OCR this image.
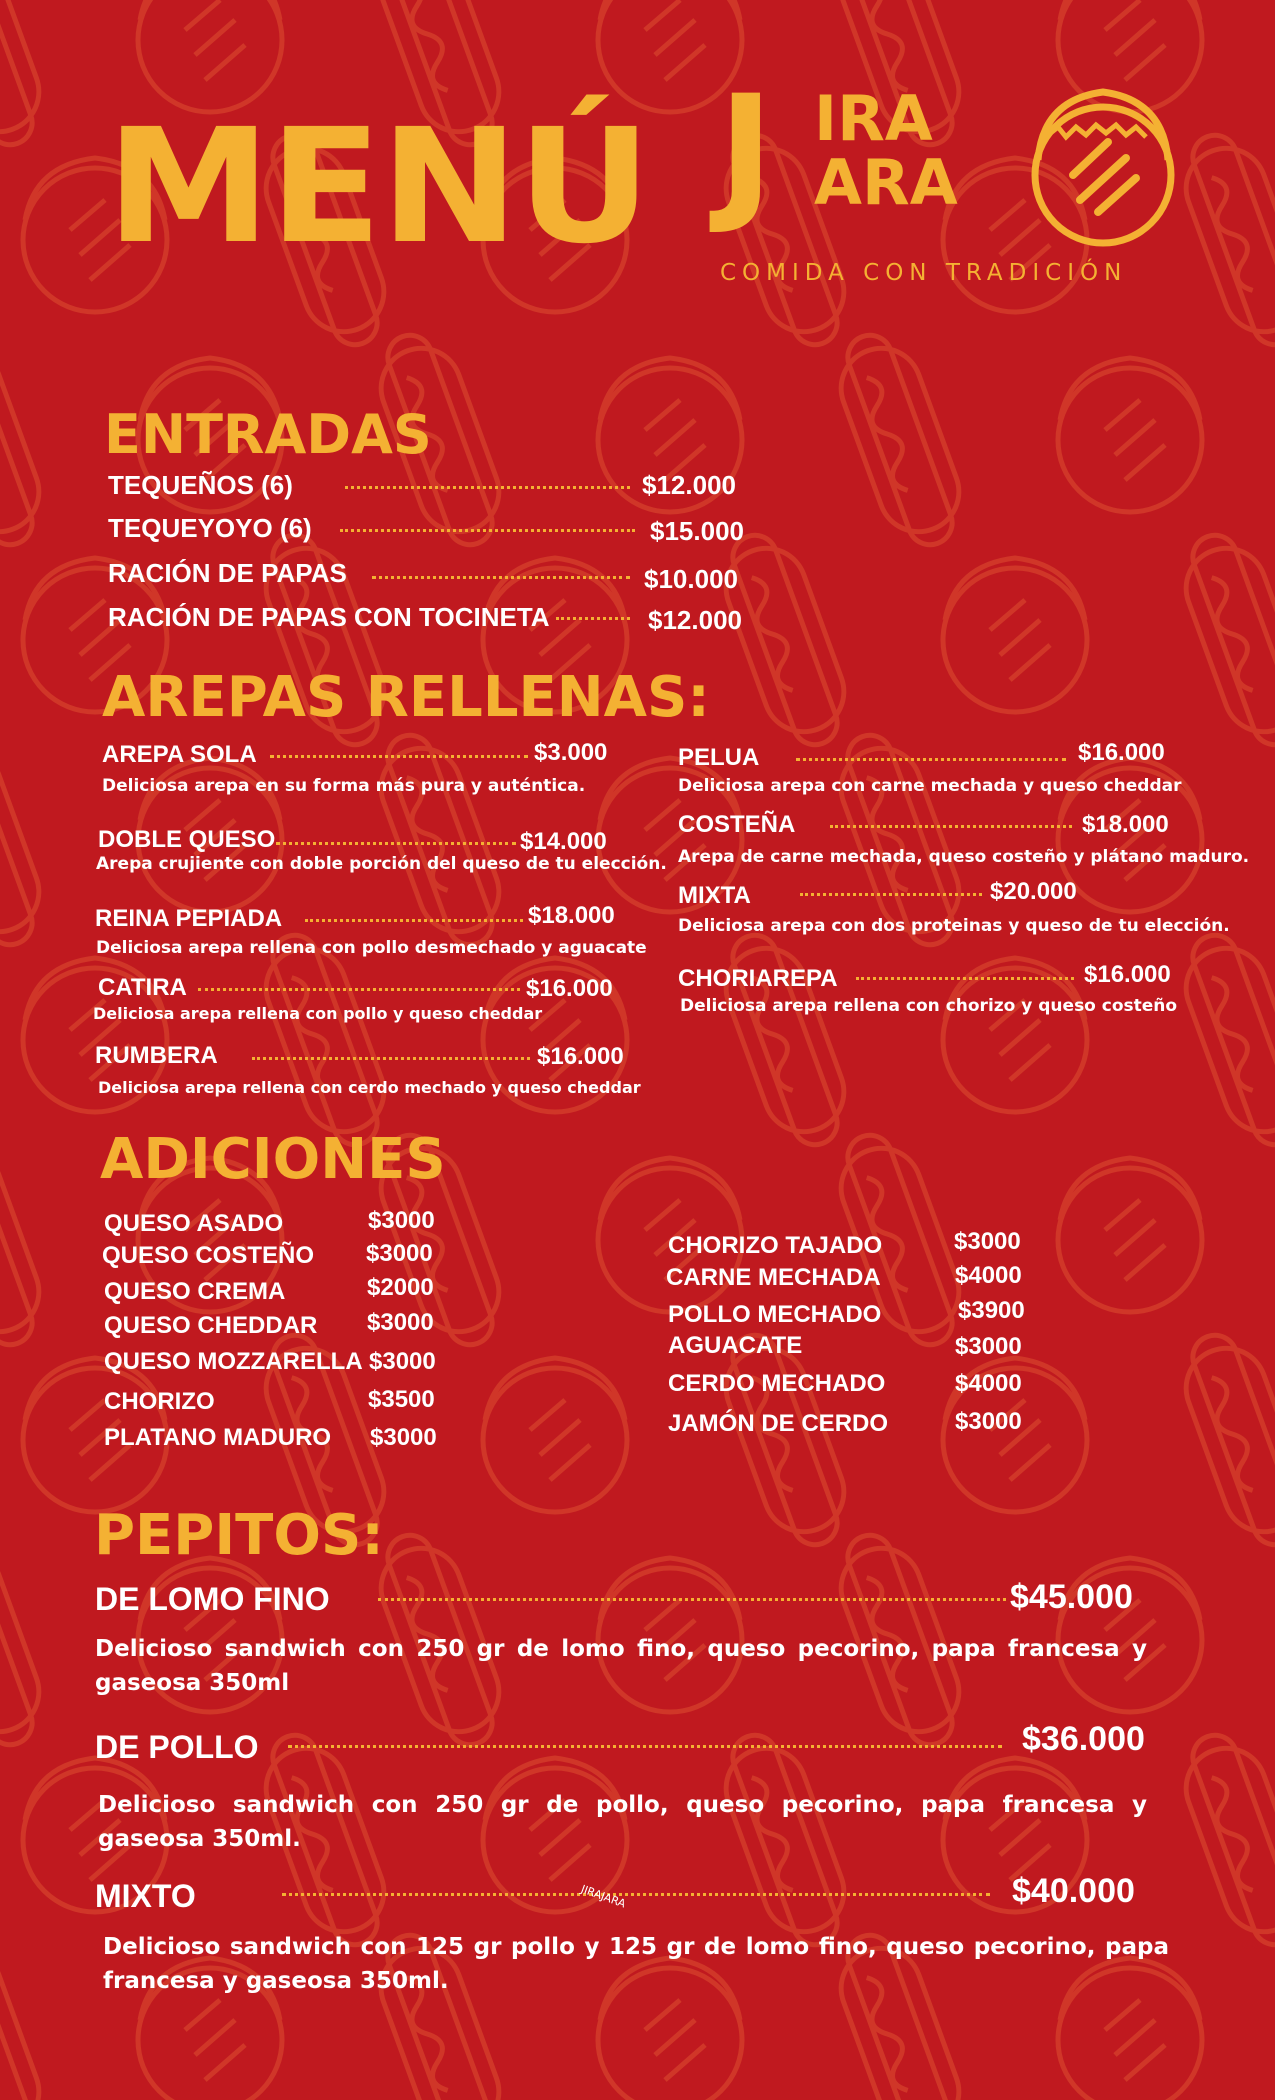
MENÚ J IRA
ARA
COMIDA CON TRADICIÓN
ENTRADAS
TEQUEÑOS (6)	$12.000
TEQUEYOYO (6)	$15.000
RACIÓN DE PAPAS	$10.000
RACIÓN DE PAPAS CON TOCINETA	$12.000
AREPAS RELLENAS:
AREPA SOLA	$3.000
Deliciosa arepa en su forma más pura y auténtica.
DOBLE QUESO	$14.000
Arepa crujiente con doble porción del queso de tu elección.
REINA PEPIADA	$18.000
Deliciosa arepa rellena con pollo desmechado y aguacate
CATIRA	$16.000
Deliciosa arepa rellena con pollo y queso cheddar
RUMBERA	$16.000
Deliciosa arepa rellena con cerdo mechado y queso cheddar
PELUA	$16.000
Deliciosa arepa con carne mechada y queso cheddar
COSTEÑA	$18.000
Arepa de carne mechada, queso costeño y plátano maduro.
MIXTA	$20.000
Deliciosa arepa con dos proteinas y queso de tu elección.
CHORIAREPA	$16.000
Deliciosa arepa rellena con chorizo y queso costeño
ADICIONES
QUESO ASADO	$3000
QUESO COSTEÑO $3000
QUESO CREMA	$2000
QUESO CHEDDAR $3000
QUESO MOZZARELLA $3000
CHORIZO	$3500
PLATANO MADURO $3000
CHORIZO TAJADO	$3000
CARNE MECHADA	$4000
POLLO MECHADO	$3900
AGUACATE	$3000
CERDO MECHADO	$4000
JAMÓN DE CERDO	$3000
PEPITOS:
DE LOMO FINO	$45.000
Delicioso sandwich con 250 gr de lomo fino, queso pecorino, papa francesa y gaseosa 350ml
DE POLLO	$36.000
Delicioso sandwich con 250 gr de pollo, queso pecorino, papa francesa y gaseosa 350ml.
MIXTO	$40.000
Delicioso sandwich con 125 gr pollo y 125 gr de lomo fino, queso pecorino, papa francesa y gaseosa 350ml.
JIRAJARA
